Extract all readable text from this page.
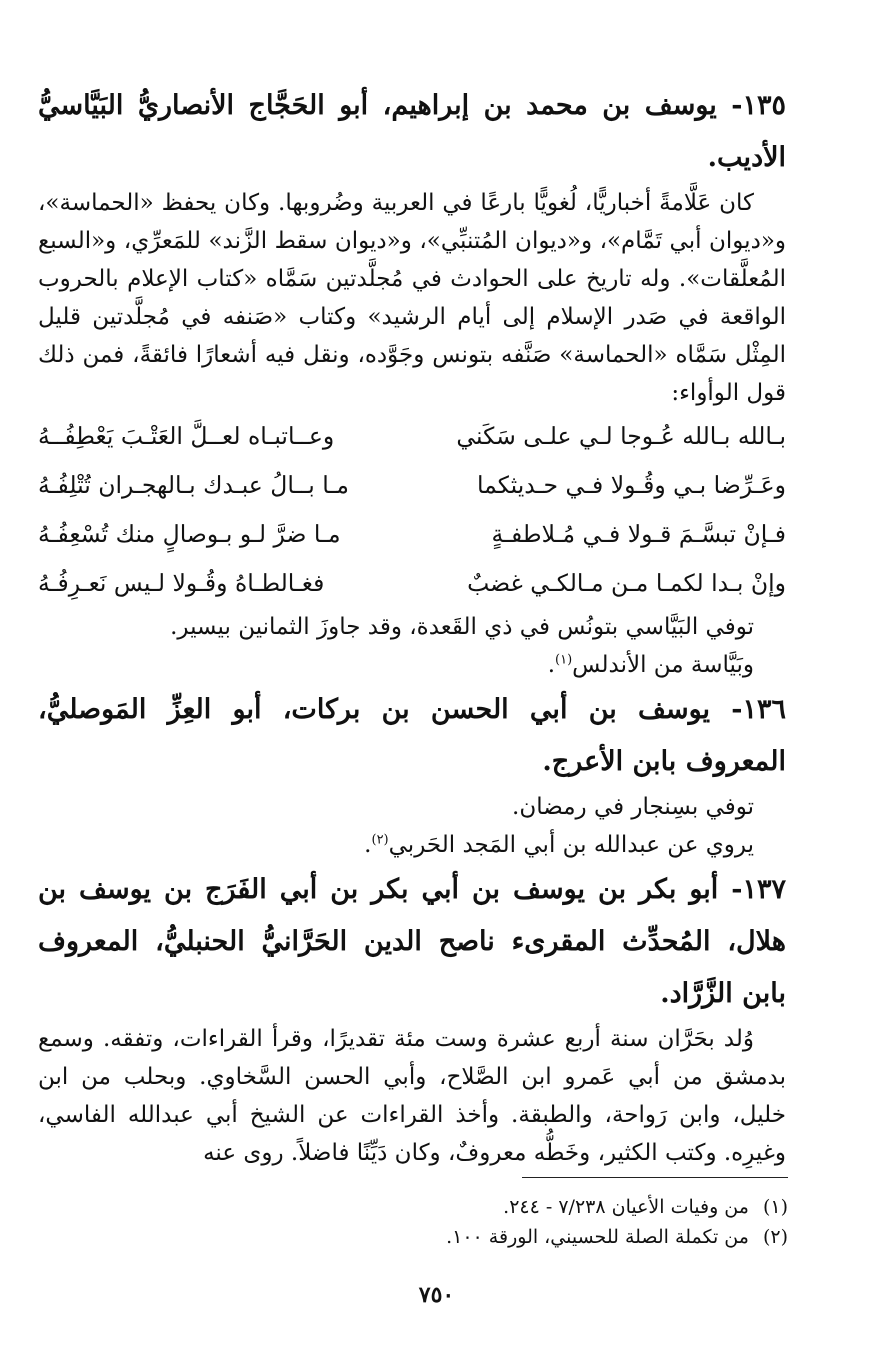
١٣٥- يوسف بن محمد بن إبراهيم، أبو الحَجَّاج الأنصاريُّ البَيَّاسيُّ الأديب.

كان عَلَّامةً أخباريًّا، لُغويًّا بارعًا في العربية وضُروبها. وكان يحفظ «الحماسة»، و«ديوان أبي تَمَّام»، و«ديوان المُتنبِّي»، و«ديوان سقط الزَّند» للمَعرِّي، و«السبع المُعلَّقات». وله تاريخ على الحوادث في مُجلَّدتين سَمَّاه «كتاب الإعلام بالحروب الواقعة في صَدر الإسلام إلى أيام الرشيد» وكتاب «صَنفه في مُجلَّدتين قليل المِثْل سَمَّاه «الحماسة» صَنَّفه بتونس وجَوَّده، ونقل فيه أشعارًا فائقةً، فمن ذلك قول الوأواء:

بـالله بـالله عُـوجا لـي علـى سَكَني
وعــاتبـاه لعــلَّ العَتْـبَ يَعْطِفُــهُ
وعَـرِّضا بـي وقُـولا فـي حـديثكما
مـا بــالُ عبـدك بـالهجـران تُتْلِفُـهُ
فـإنْ تبسَّـمَ قـولا فـي مُـلاطفـةٍ
مـا ضرَّ لـو بـوصالٍ منك تُسْعِفُـهُ
وإنْ بـدا لكمـا مـن مـالكـي غضبٌ
فغـالطـاهُ وقُـولا لـيس نَعـرِفُـهُ

توفي البَيَّاسي بتونُس في ذي القَعدة، وقد جاوزَ الثمانين بيسير.

وبَيَّاسة من الأندلس$^{(١)}$.

١٣٦- يوسف بن أبي الحسن بن بركات، أبو العِزِّ المَوصليُّ، المعروف بابن الأعرج.

توفي بسِنجار في رمضان.

يروي عن عبدالله بن أبي المَجد الحَربي$^{(٢)}$.

١٣٧- أبو بكر بن يوسف بن أبي بكر بن أبي الفَرَج بن يوسف بن هلال، المُحدِّث المقرىء ناصح الدين الحَرَّانيُّ الحنبليُّ، المعروف بابن الزَّرَّاد.

وُلد بحَرَّان سنة أربع عشرة وست مئة تقديرًا، وقرأ القراءات، وتفقه. وسمع بدمشق من أبي عَمرو ابن الصَّلاح، وأبي الحسن السَّخاوي. وبحلب من ابن خليل، وابن رَواحة، والطبقة. وأخذ القراءات عن الشيخ أبي عبدالله الفاسي، وغيرِه. وكتب الكثير، وخَطُّه معروفٌ، وكان دَيِّنًا فاضلاً. روى عنه

(١)
من وفيات الأعيان ٧/٢٣٨ - ٢٤٤.
(٢)
من تكملة الصلة للحسيني، الورقة ١٠٠.
٧٥٠
